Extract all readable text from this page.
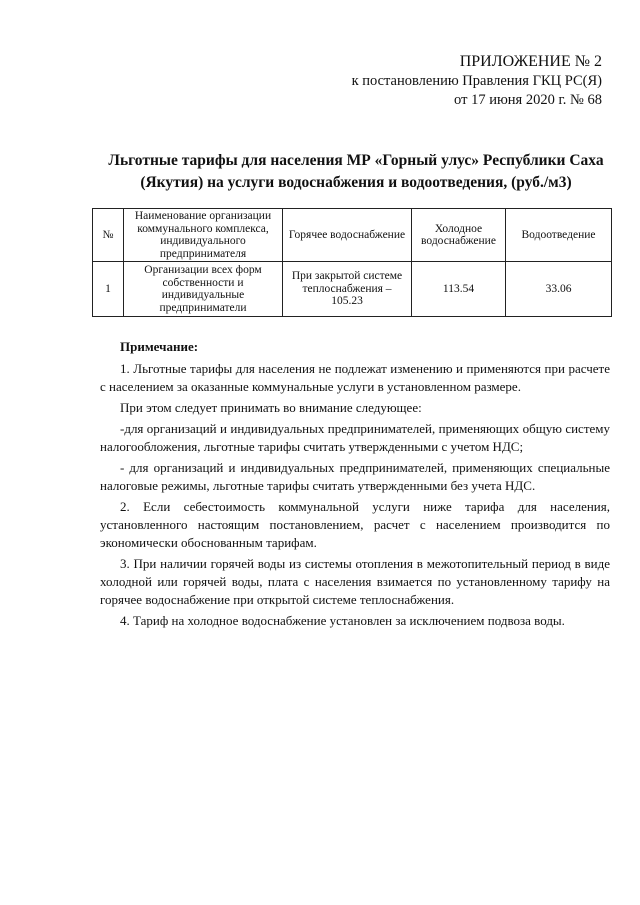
ПРИЛОЖЕНИЕ № 2
к постановлению Правления ГКЦ РС(Я)
от 17 июня 2020 г. № 68
Льготные тарифы для населения МР «Горный улус» Республики Саха (Якутия) на услуги водоснабжения и водоотведения, (руб./м3)
№	Наименование организации коммунального комплекса, индивидуального предпринимателя	Горячее водоснабжение	Холодное водоснабжение	Водоотведение
1	Организации всех форм собственности и индивидуальные предприниматели	При закрытой системе теплоснабжения – 105.23	113.54	33.06

Примечание:

1. Льготные тарифы для населения не подлежат изменению и применяются при расчете с населением за оказанные коммунальные услуги в установленном размере.

При этом следует принимать во внимание следующее:

-для организаций и индивидуальных предпринимателей, применяющих общую систему налогообложения, льготные тарифы считать утвержденными с учетом НДС;

- для организаций и индивидуальных предпринимателей, применяющих специальные налоговые режимы, льготные тарифы считать утвержденными без учета НДС.

2. Если себестоимость коммунальной услуги ниже тарифа для населения, установленного настоящим постановлением, расчет с населением производится по экономически обоснованным тарифам.

3. При наличии горячей воды из системы отопления в межотопительный период в виде холодной или горячей воды, плата с населения взимается по установленному тарифу на горячее водоснабжение при открытой системе теплоснабжения.

4. Тариф на холодное водоснабжение установлен за исключением подвоза воды.
